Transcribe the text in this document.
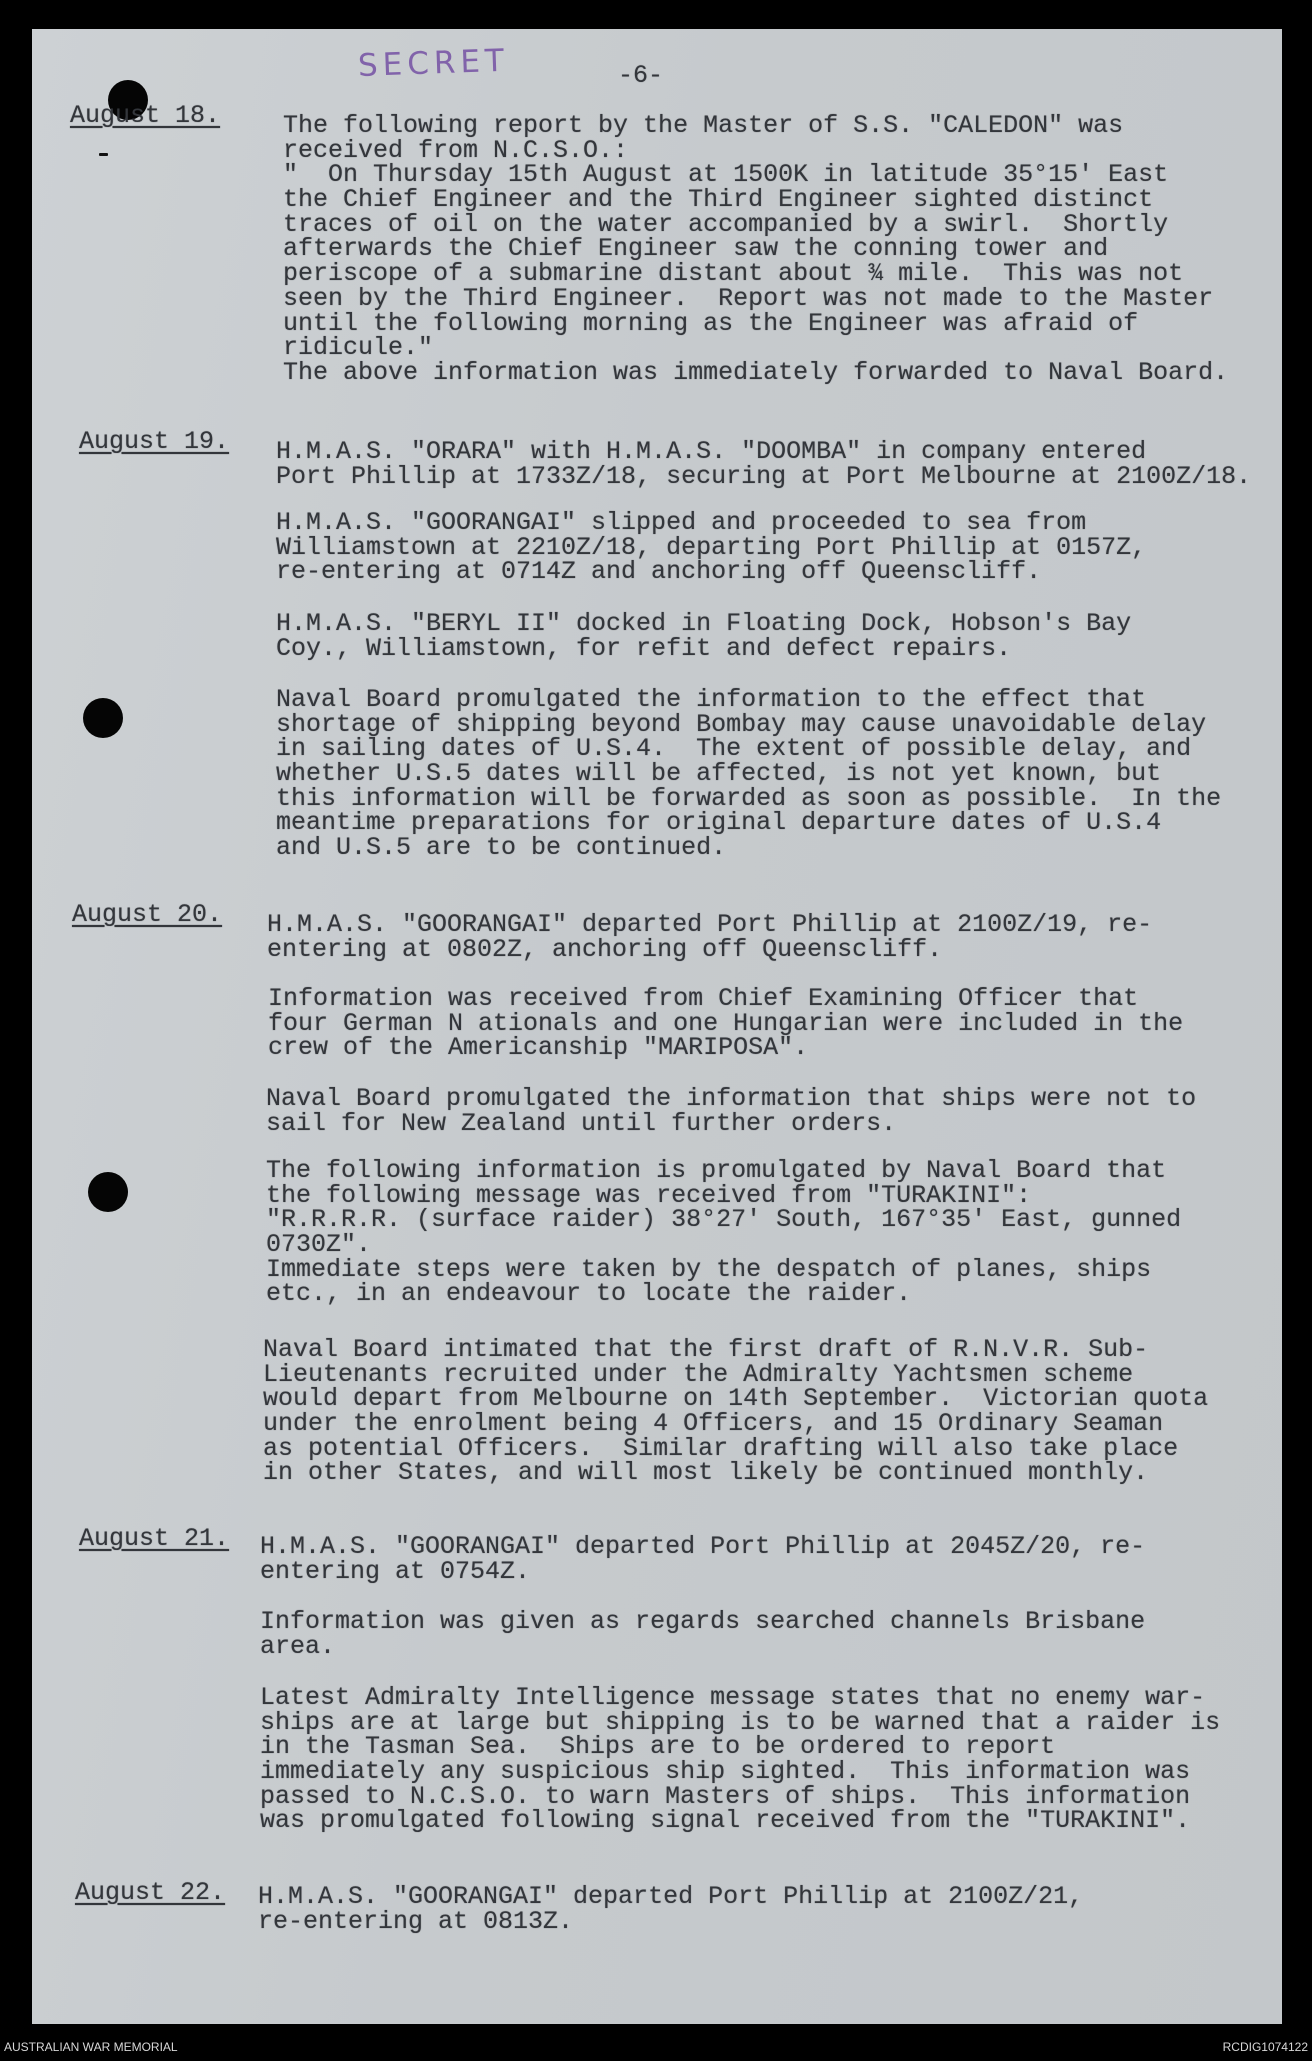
SECRET	-6-
August 18.	The following report by the Master of S.S. "CALEDON" was
received from N.C.S.O.:
"  On Thursday 15th August at 1500K in latitude 35°15' East
the Chief Engineer and the Third Engineer sighted distinct
traces of oil on the water accompanied by a swirl.  Shortly
afterwards the Chief Engineer saw the conning tower and
periscope of a submarine distant about ¾ mile.  This was not
seen by the Third Engineer.  Report was not made to the Master
until the following morning as the Engineer was afraid of
ridicule."
The above information was immediately forwarded to Naval Board.
August 19. H.M.A.S. "ORARA" with H.M.A.S. "DOOMBA" in company entered
Port Phillip at 1733Z/18, securing at Port Melbourne at 2100Z/18.
H.M.A.S. "GOORANGAI" slipped and proceeded to sea from
Williamstown at 2210Z/18, departing Port Phillip at 0157Z,
re-entering at 0714Z and anchoring off Queenscliff.
H.M.A.S. "BERYL II" docked in Floating Dock, Hobson's Bay
Coy., Williamstown, for refit and defect repairs.
Naval Board promulgated the information to the effect that
shortage of shipping beyond Bombay may cause unavoidable delay
in sailing dates of U.S.4.  The extent of possible delay, and
whether U.S.5 dates will be affected, is not yet known, but
this information will be forwarded as soon as possible.  In the
meantime preparations for original departure dates of U.S.4
and U.S.5 are to be continued.
August 20. H.M.A.S. "GOORANGAI" departed Port Phillip at 2100Z/19, re-
entering at 0802Z, anchoring off Queenscliff.
Information was received from Chief Examining Officer that
four German N ationals and one Hungarian were included in the
crew of the Americanship "MARIPOSA".
Naval Board promulgated the information that ships were not to
sail for New Zealand until further orders.
The following information is promulgated by Naval Board that
the following message was received from "TURAKINI":
"R.R.R.R. (surface raider) 38°27' South, 167°35' East, gunned
0730Z".
Immediate steps were taken by the despatch of planes, ships
etc., in an endeavour to locate the raider.
Naval Board intimated that the first draft of R.N.V.R. Sub-
Lieutenants recruited under the Admiralty Yachtsmen scheme
would depart from Melbourne on 14th September.  Victorian quota
under the enrolment being 4 Officers, and 15 Ordinary Seaman
as potential Officers.  Similar drafting will also take place
in other States, and will most likely be continued monthly.
August 21. H.M.A.S. "GOORANGAI" departed Port Phillip at 2045Z/20, re-
entering at 0754Z.
Information was given as regards searched channels Brisbane
area.
Latest Admiralty Intelligence message states that no enemy war-
ships are at large but shipping is to be warned that a raider is
in the Tasman Sea.  Ships are to be ordered to report
immediately any suspicious ship sighted.  This information was
passed to N.C.S.O. to warn Masters of ships.  This information
was promulgated following signal received from the "TURAKINI".
August 22. H.M.A.S. "GOORANGAI" departed Port Phillip at 2100Z/21,
re-entering at 0813Z.
AUSTRALIAN WAR MEMORIAL	RCDIG1074122
